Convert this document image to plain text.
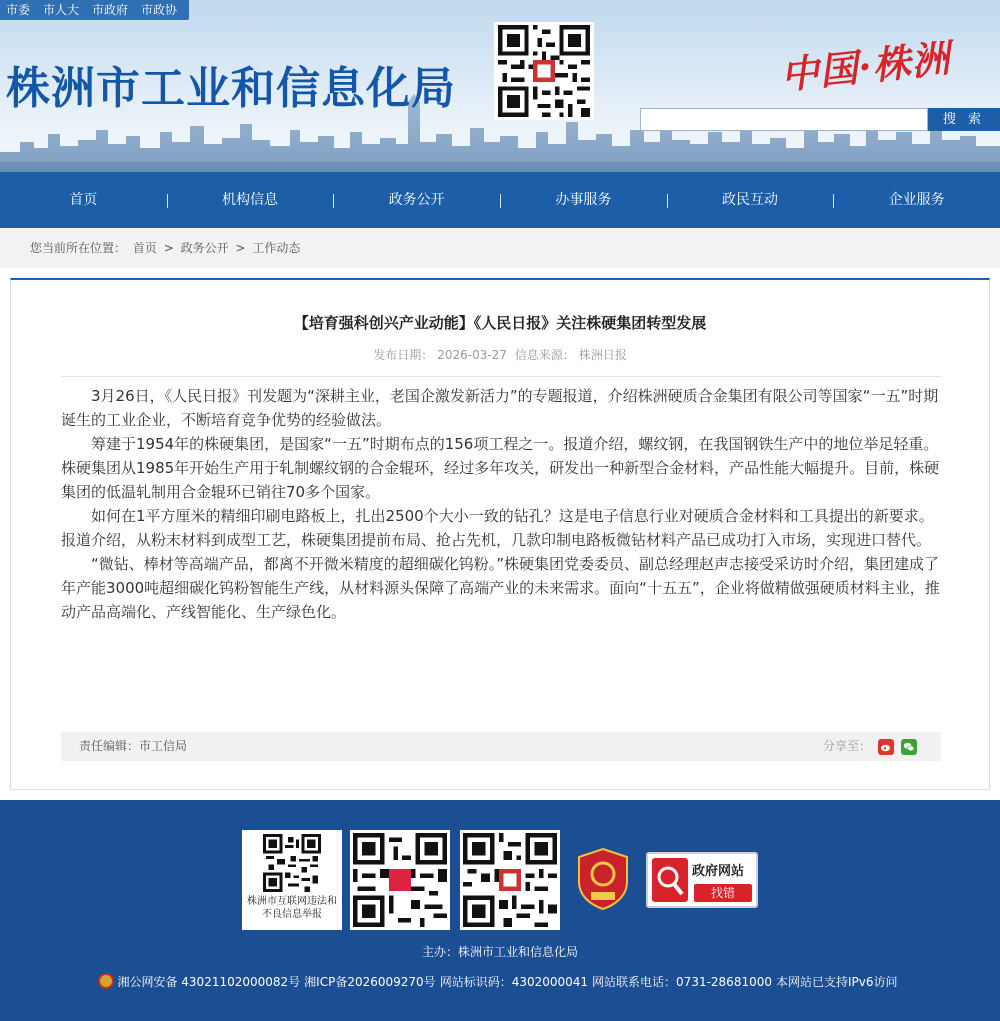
市委 市人大 市政府 市政协
株洲市工业和信息化局	中国·株洲
搜 索
首页	机构信息	政务公开	办事服务	政民互动	企业服务
您当前所在位置： 首页 > 政务公开 > 工作动态
【培育强科创兴产业动能】《人民日报》关注株硬集团转型发展
发布日期： 2026-03-27 信息来源： 株洲日报

3月26日，《人民日报》刊发题为“深耕主业，老国企激发新活力”的专题报道，介绍株洲硬质合金集团有限公司等国家“一五”时期诞生的工业企业，不断培育竞争优势的经验做法。

筹建于1954年的株硬集团，是国家“一五”时期布点的156项工程之一。报道介绍，螺纹钢，在我国钢铁生产中的地位举足轻重。株硬集团从1985年开始生产用于轧制螺纹钢的合金辊环，经过多年攻关，研发出一种新型合金材料，产品性能大幅提升。目前，株硬集团的低温轧制用合金辊环已销往70多个国家。

如何在1平方厘米的精细印刷电路板上，扎出2500个大小一致的钻孔？这是电子信息行业对硬质合金材料和工具提出的新要求。报道介绍，从粉末材料到成型工艺，株硬集团提前布局、抢占先机，几款印制电路板微钻材料产品已成功打入市场，实现进口替代。

“微钻、棒材等高端产品，都离不开微米精度的超细碳化钨粉。”株硬集团党委委员、副总经理赵声志接受采访时介绍，集团建成了年产能3000吨超细碳化钨粉智能生产线，从材料源头保障了高端产业的未来需求。面向“十五五”，企业将做精做强硬质材料主业，推动产品高端化、产线智能化、生产绿色化。

责任编辑：市工信局	分享至：
株洲市互联网违法和不良信息举报
政府网站
找错
主办：株洲市工业和信息化局
湘公网安备 43021102000082号 湘ICP备2026009270号 网站标识码：4302000041 网站联系电话：0731-28681000 本网站已支持IPv6访问
